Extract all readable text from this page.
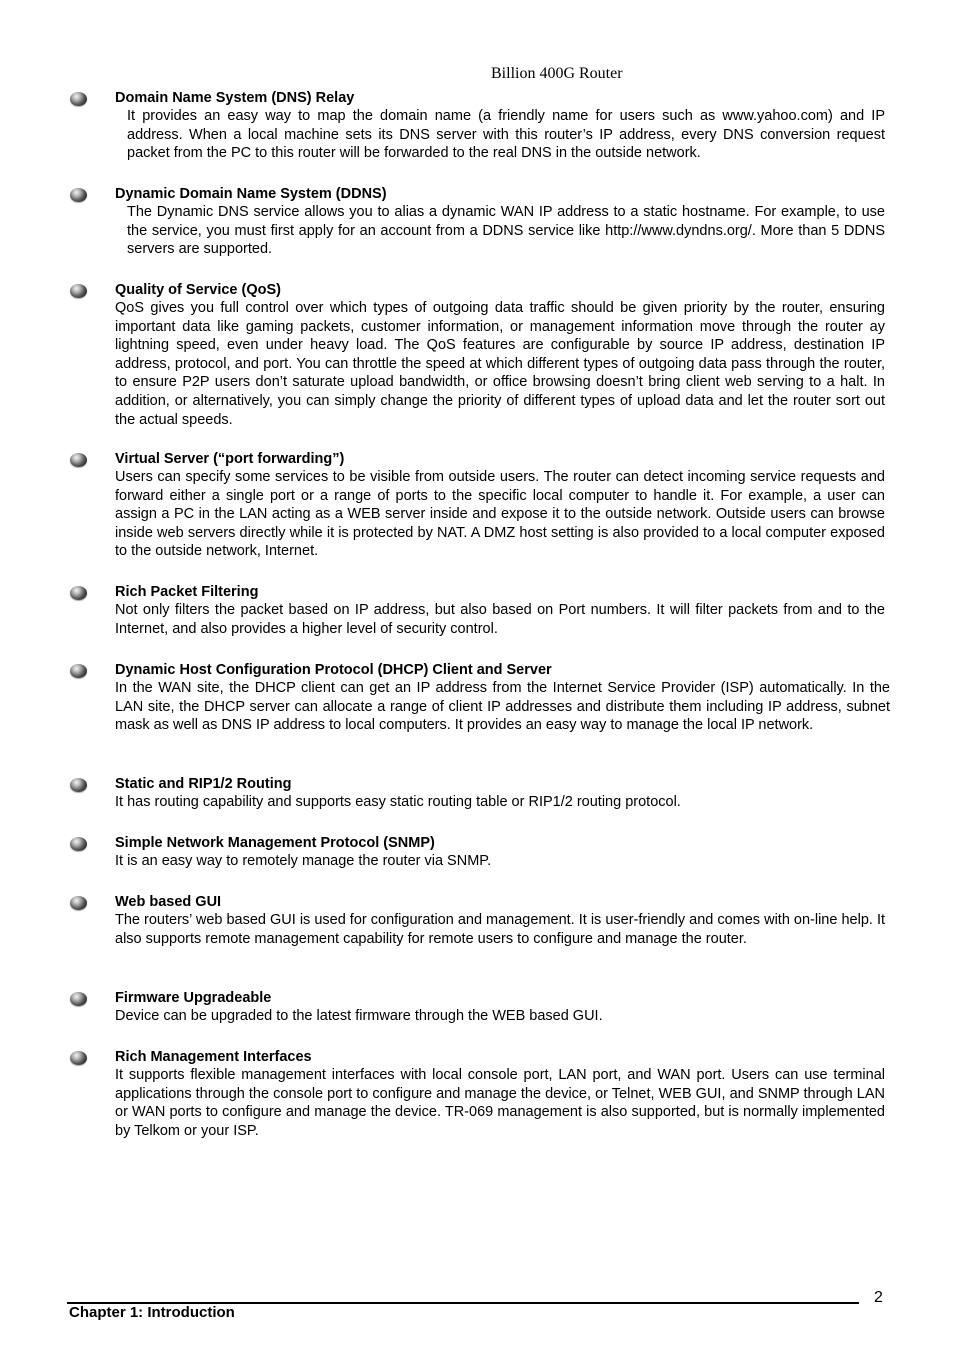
Billion 400G Router
Domain Name System (DNS) Relay
It provides an easy way to map the domain name (a friendly name for users such as www.yahoo.com) and IP address. When a local machine sets its DNS server with this router’s IP address, every DNS conversion request packet from the PC to this router will be forwarded to the real DNS in the outside network.
Dynamic Domain Name System (DDNS)
The Dynamic DNS service allows you to alias a dynamic WAN IP address to a static hostname. For example, to use the service, you must first apply for an account from a DDNS service like http://www.dyndns.org/. More than 5 DDNS servers are supported.
Quality of Service (QoS)
QoS gives you full control over which types of outgoing data traffic should be given priority by the router, ensuring important data like gaming packets, customer information, or management information move through the router ay lightning speed, even under heavy load. The QoS features are configurable by source IP address, destination IP address, protocol, and port. You can throttle the speed at which different types of outgoing data pass through the router, to ensure P2P users don’t saturate upload bandwidth, or office browsing doesn’t bring client web serving to a halt. In addition, or alternatively, you can simply change the priority of different types of upload data and let the router sort out the actual speeds.
Virtual Server (“port forwarding”)
Users can specify some services to be visible from outside users. The router can detect incoming service requests and forward either a single port or a range of ports to the specific local computer to handle it. For example, a user can assign a PC in the LAN acting as a WEB server inside and expose it to the outside network. Outside users can browse inside web servers directly while it is protected by NAT. A DMZ host setting is also provided to a local computer exposed to the outside network, Internet.
Rich Packet Filtering
Not only filters the packet based on IP address, but also based on Port numbers. It will filter packets from and to the Internet, and also provides a higher level of security control.
Dynamic Host Configuration Protocol (DHCP) Client and Server
In the WAN site, the DHCP client can get an IP address from the Internet Service Provider (ISP) automatically. In the LAN site, the DHCP server can allocate a range of client IP addresses and distribute them including IP address, subnet mask as well as DNS IP address to local computers. It provides an easy way to manage the local IP network.
Static and RIP1/2 Routing
It has routing capability and supports easy static routing table or RIP1/2 routing protocol.
Simple Network Management Protocol (SNMP)
It is an easy way to remotely manage the router via SNMP.
Web based GUI
The routers’ web based GUI is used for configuration and management. It is user-friendly and comes with on-line help. It also supports remote management capability for remote users to configure and manage the router.
Firmware Upgradeable
Device can be upgraded to the latest firmware through the WEB based GUI.
Rich Management Interfaces
It supports flexible management interfaces with local console port, LAN port, and WAN port. Users can use terminal applications through the console port to configure and manage the device, or Telnet, WEB GUI, and SNMP through LAN or WAN ports to configure and manage the device. TR-069 management is also supported, but is normally implemented by Telkom or your ISP.
2
Chapter 1: Introduction
